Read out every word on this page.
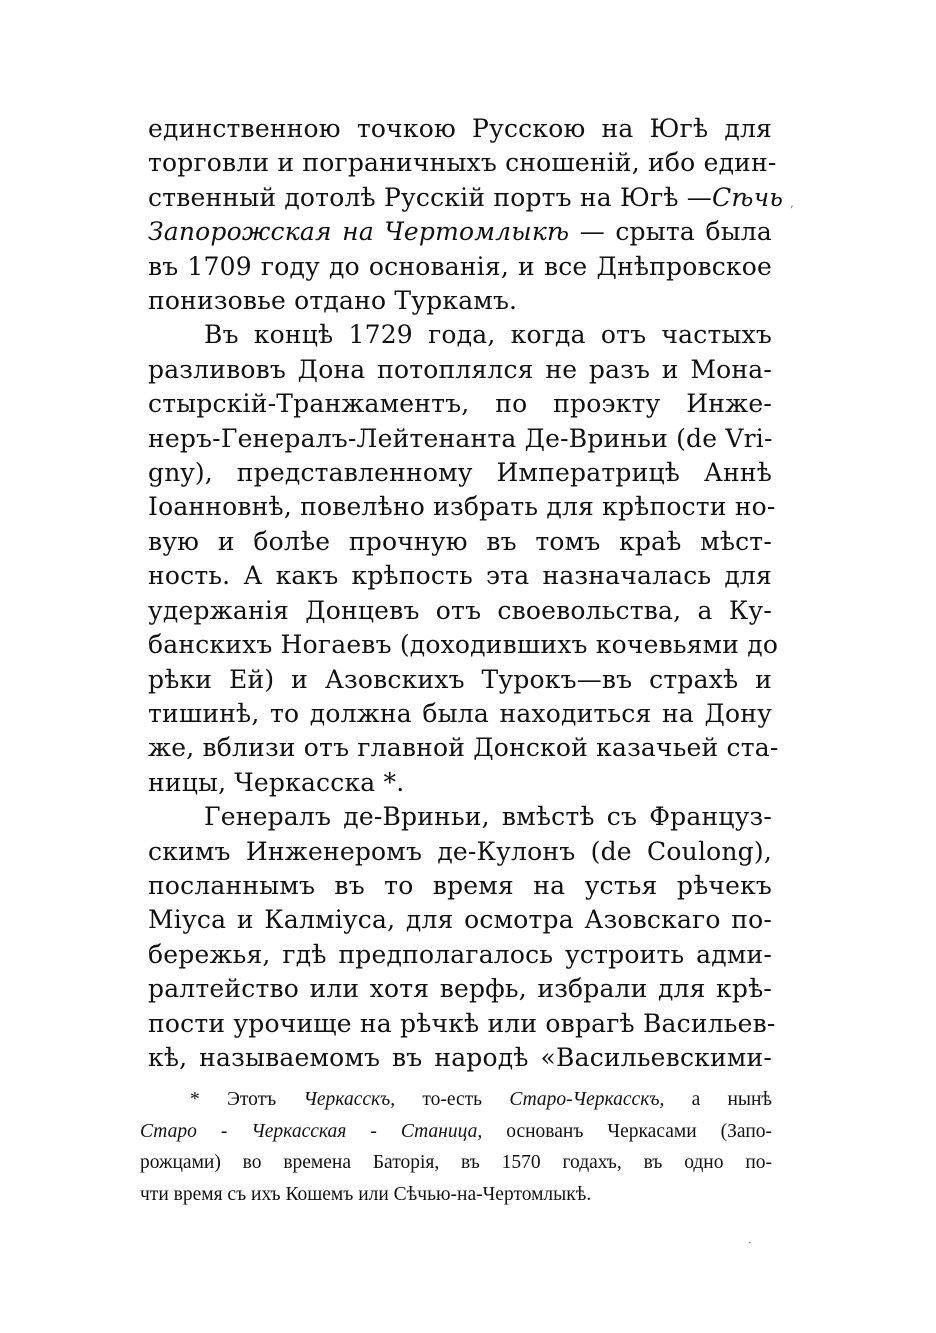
единственною точкою Русскою на Югѣ для
торговли и пограничныхъ сношеній, ибо един-
ственный дотолѣ Русскій портъ на Югѣ —Сѣчь
Запорожская на Чертомлыкѣ — срыта была
въ 1709 году до основанія, и все Днѣпровское
понизовье отдано Туркамъ.
Въ концѣ 1729 года, когда отъ частыхъ
разливовъ Дона потоплялся не разъ и Мона-
стырскій-Транжаментъ, по проэкту Инже-
неръ-Генералъ-Лейтенанта Де-Вриньи (de Vri-
gny), представленному Императрицѣ Аннѣ
Іоанновнѣ, повелѣно избрать для крѣпости но-
вую и болѣе прочную въ томъ краѣ мѣст-
ность. А какъ крѣпость эта назначалась для
удержанія Донцевъ отъ своевольства, а Ку-
банскихъ Ногаевъ (доходившихъ кочевьями до
рѣки Ей) и Азовскихъ Турокъ—въ страхѣ и
тишинѣ, то должна была находиться на Дону
же, вблизи отъ главной Донской казачьей ста-
ницы, Черкасска *.
Генералъ де-Вриньи, вмѣстѣ съ Француз-
скимъ Инженеромъ де-Кулонъ (de Coulong),
посланнымъ въ то время на устья рѣчекъ
Міуса и Калміуса, для осмотра Азовскаго по-
бережья, гдѣ предполагалось устроить адми-
ралтейство или хотя верфь, избрали для крѣ-
пости урочище на рѣчкѣ или оврагѣ Васильев-
кѣ, называемомъ въ народѣ «Васильевскими-
* Этотъ Черкасскъ, то-есть Старо-Черкасскъ, а нынѣ
Старо - Черкасская - Станица, основанъ Черкасами (Запо-
рожцами) во времена Баторія, въ 1570 годахъ, въ одно по-
чти время съ ихъ Кошемъ или Сѣчью-на-Чертомлыкѣ.
,
·
